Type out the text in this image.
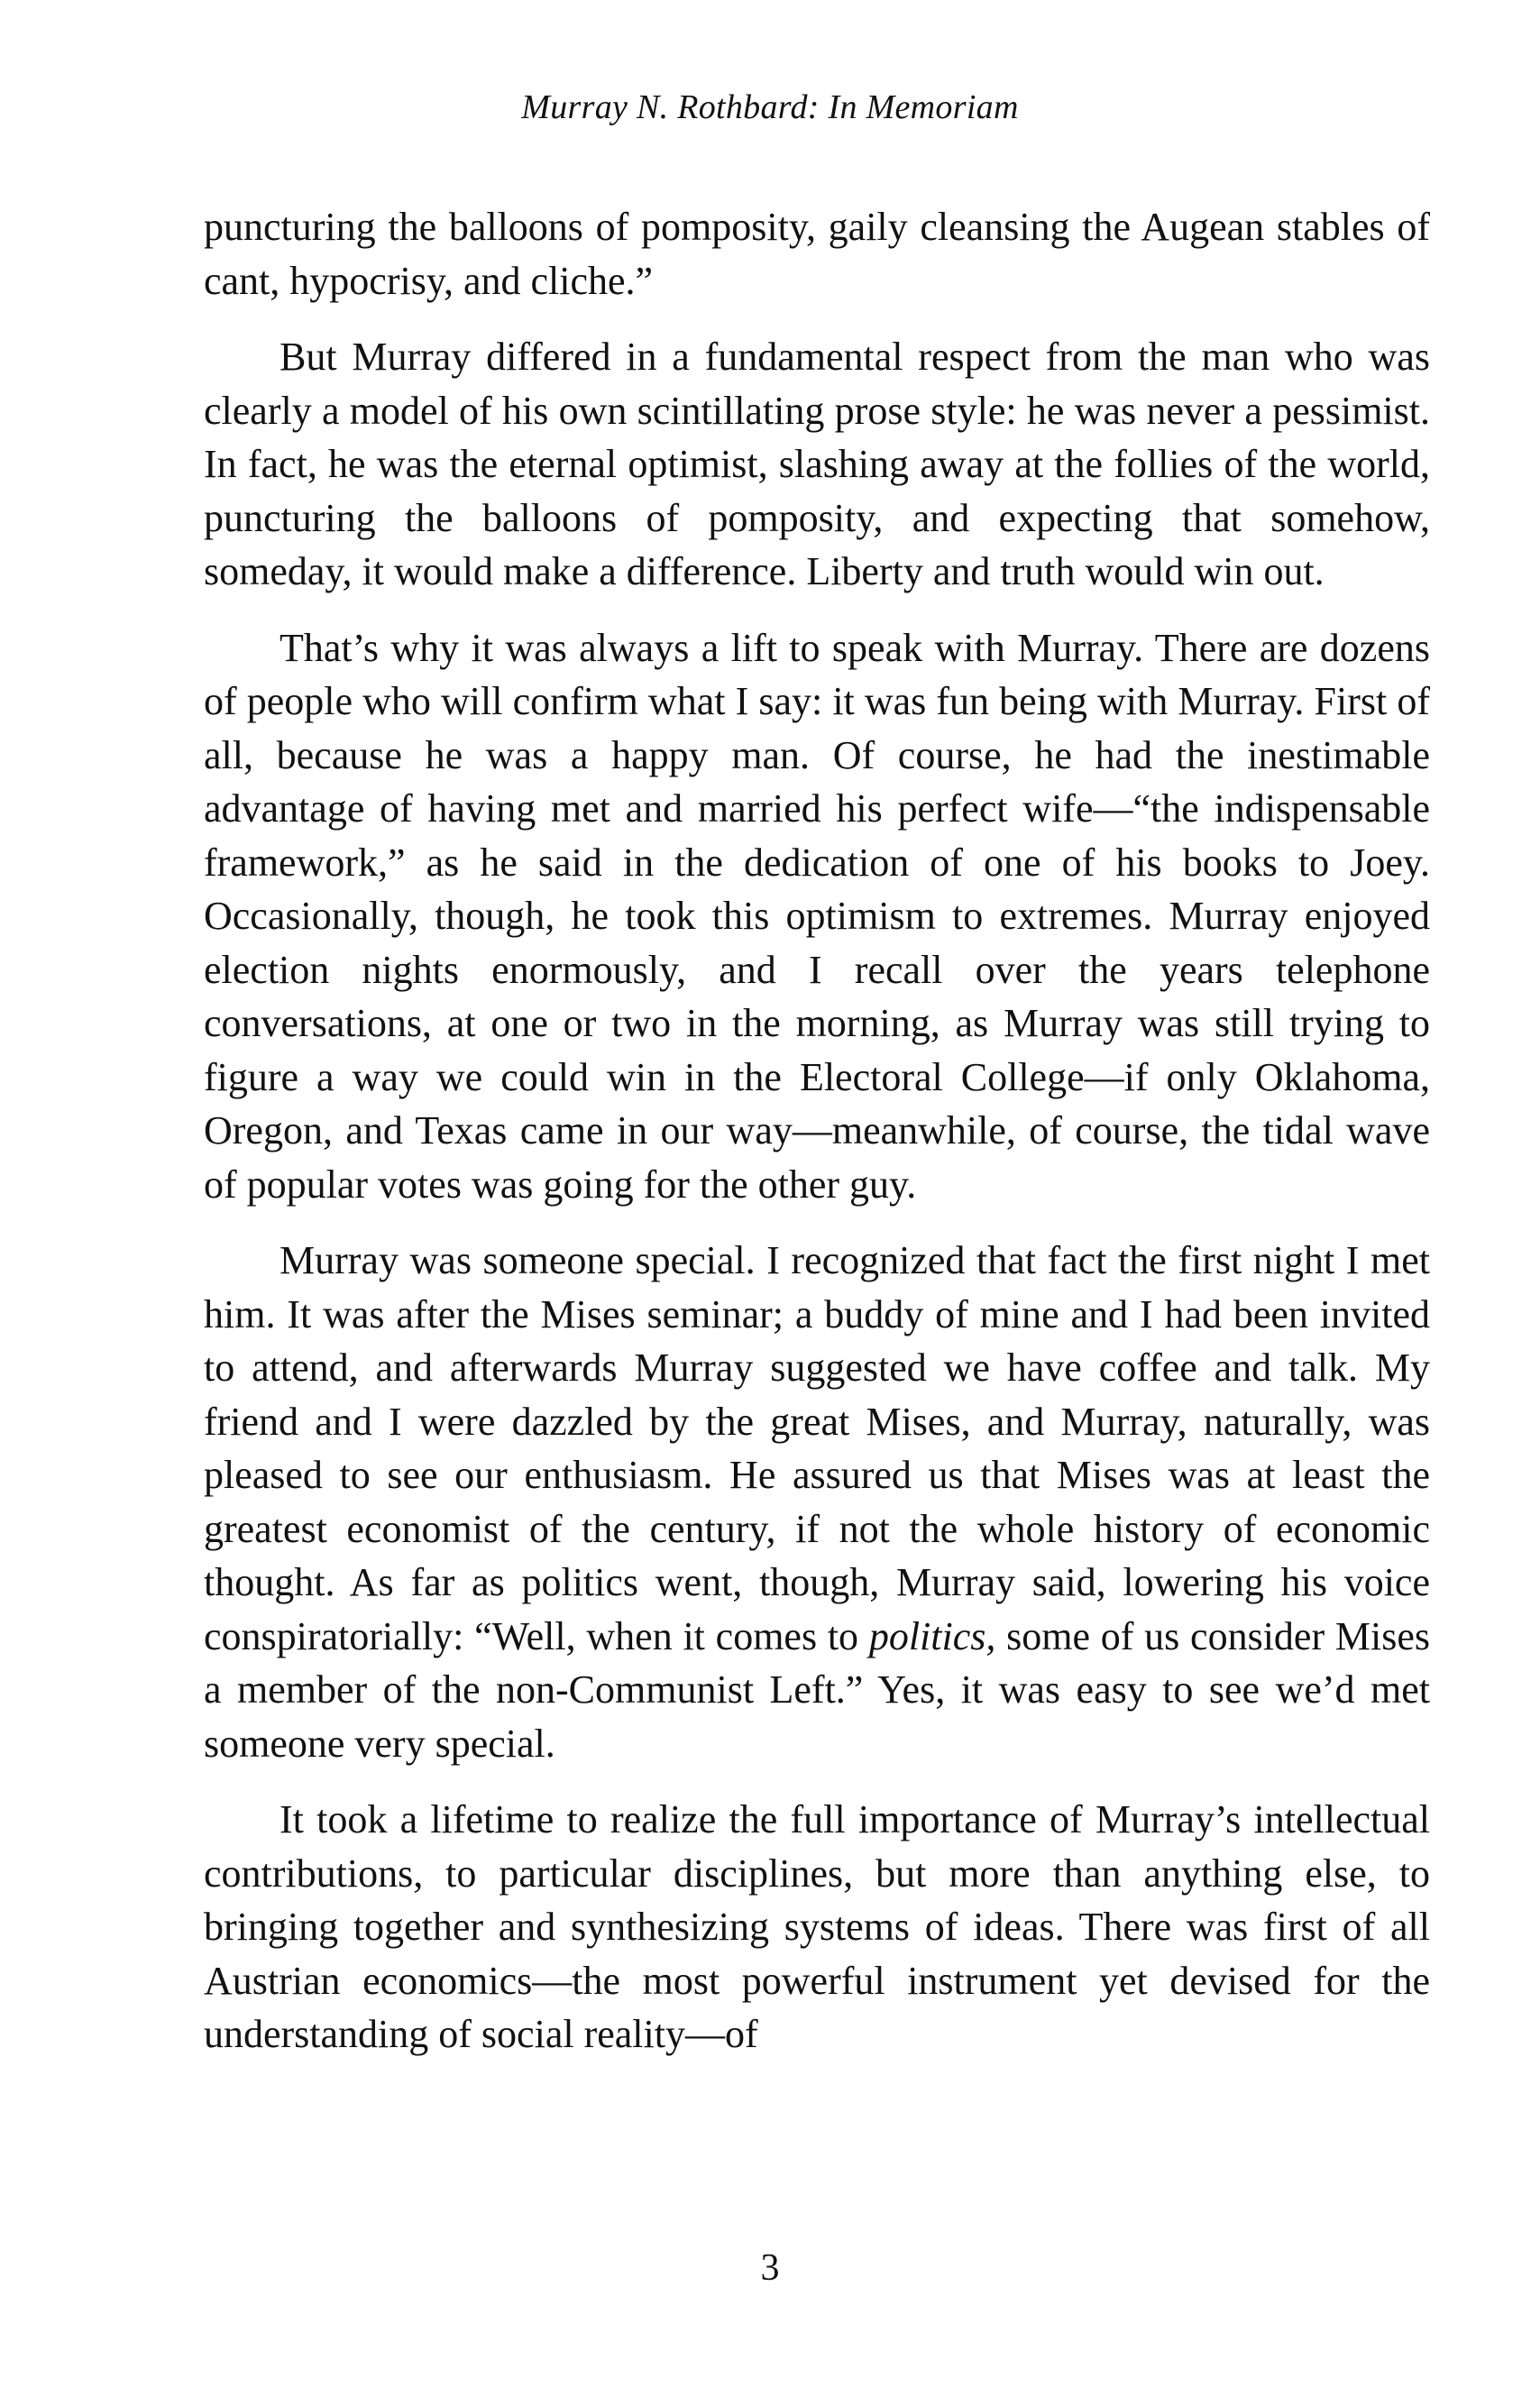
Murray N. Rothbard: In Memoriam

puncturing the balloons of pomposity, gaily cleansing the Augean stables of cant, hypocrisy, and cliche.”

But Murray differed in a fundamental respect from the man who was clearly a model of his own scintillating prose style: he was never a pessimist. In fact, he was the eternal optimist, slashing away at the follies of the world, puncturing the balloons of pomposity, and expecting that somehow, someday, it would make a difference. Liberty and truth would win out.

That’s why it was always a lift to speak with Murray. There are dozens of people who will confirm what I say: it was fun being with Murray. First of all, because he was a happy man. Of course, he had the inestimable advantage of having met and married his perfect wife—“the indispensable framework,” as he said in the dedication of one of his books to Joey. Occasionally, though, he took this optimism to extremes. Murray enjoyed election nights enormously, and I recall over the years telephone conversations, at one or two in the morning, as Murray was still trying to figure a way we could win in the Electoral College—if only Oklahoma, Oregon, and Texas came in our way—meanwhile, of course, the tidal wave of popular votes was going for the other guy.

Murray was someone special. I recognized that fact the first night I met him. It was after the Mises seminar; a buddy of mine and I had been invited to attend, and afterwards Murray suggested we have coffee and talk. My friend and I were dazzled by the great Mises, and Murray, naturally, was pleased to see our enthusiasm. He assured us that Mises was at least the greatest economist of the century, if not the whole history of economic thought. As far as politics went, though, Murray said, lowering his voice conspiratorially: “Well, when it comes to politics, some of us consider Mises a member of the non-Communist Left.” Yes, it was easy to see we’d met someone very special.

It took a lifetime to realize the full importance of Murray’s intellectual contributions, to particular disciplines, but more than anything else, to bringing together and synthesizing systems of ideas. There was first of all Austrian economics—the most powerful instrument yet devised for the understanding of social reality—of

3
